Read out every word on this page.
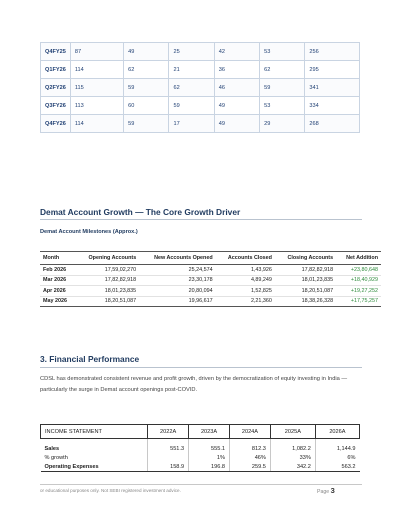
Q4FY25	87	49	25	42	53	256
Q1FY26	114	62	21	36	62	295
Q2FY26	115	59	62	46	59	341
Q3FY26	113	60	59	49	53	334
Q4FY26	114	59	17	49	29	268
Demat Account Growth — The Core Growth Driver
Demat Account Milestones (Approx.)
Month	Opening Accounts	New Accounts Opened	Accounts Closed	Closing Accounts	Net Addition
Feb 2026	17,59,02,270	25,24,574	1,43,926	17,82,82,918	+23,80,648
Mar 2026	17,82,82,918	23,30,178	4,89,249	18,01,23,835	+18,40,929
Apr 2026	18,01,23,835	20,80,094	1,52,825	18,20,51,087	+19,27,252
May 2026	18,20,51,087	19,96,617	2,21,360	18,38,26,328	+17,75,257
3. Financial Performance
CDSL has demonstrated consistent revenue and profit growth, driven by the democratization of equity investing in India — particularly the surge in Demat account openings post-COVID.
INCOME STATEMENT	2022A	2023A	2024A	2025A	2026A

Sales	551.3	555.1	812.3	1,082.2	1,144.9
% growth		1%	46%	33%	6%
Operating Expenses	158.9	196.8	259.5	342.2	563.2
or educational purposes only. Not SEBI registered investment advice.	Page 3
